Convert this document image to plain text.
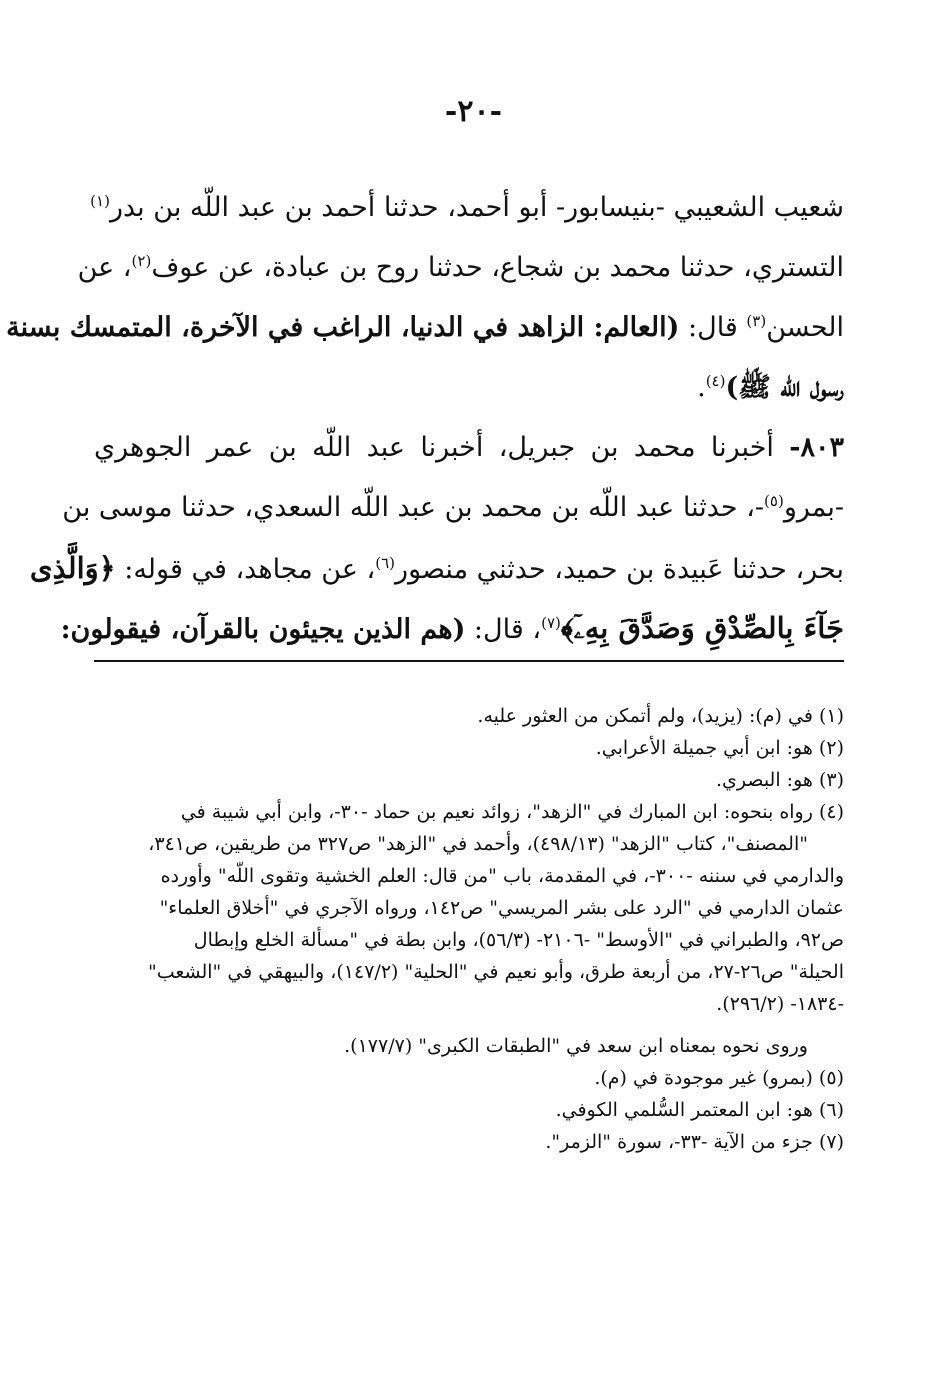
-٢٠-
شعيب الشعيبي -بنيسابور- أبو أحمد، حدثنا أحمد بن عبد اللّه بن بدر$^{(١)}$
التستري، حدثنا محمد بن شجاع، حدثنا روح بن عبادة، عن عوف$^{(٢)}$، عن
الحسن$^{(٣)}$ قال: (العالم: الزاهد في الدنيا، الراغب في الآخرة، المتمسك بسنة
رسول اللّه ﷺ)$^{(٤)}$.
٨٠٣- أخبرنا محمد بن جبريل، أخبرنا عبد اللّه بن عمر الجوهري
-بمرو$^{(٥)}$-، حدثنا عبد اللّه بن محمد بن عبد اللّه السعدي، حدثنا موسى بن
بحر، حدثنا عَبيدة بن حميد، حدثني منصور$^{(٦)}$، عن مجاهد، في قوله: ﴿وَالَّذِى
جَآءَ بِالصِّدْقِ وَصَدَّقَ بِهِۦٓ﴾$^{(٧)}$، قال: (هم الذين يجيئون بالقرآن، فيقولون:
(١) في (م): (يزيد)، ولم أتمكن من العثور عليه.
(٢) هو: ابن أبي جميلة الأعرابي.
(٣) هو: البصري.
(٤) رواه بنحوه: ابن المبارك في "الزهد"، زوائد نعيم بن حماد -٣٠-، وابن أبي شيبة في
"المصنف"، كتاب "الزهد" (٤٩٨/١٣)، وأحمد في "الزهد" ص٣٢٧ من طريقين، ص٣٤١،
والدارمي في سننه -٣٠٠-، في المقدمة، باب "من قال: العلم الخشية وتقوى اللّه" وأورده
عثمان الدارمي في "الرد على بشر المريسي" ص١٤٢، ورواه الآجري في "أخلاق العلماء"
ص٩٢، والطبراني في "الأوسط" -٢١٠٦- (٥٦/٣)، وابن بطة في "مسألة الخلع وإبطال
الحيلة" ص٢٦-٢٧، من أربعة طرق، وأبو نعيم في "الحلية" (١٤٧/٢)، والبيهقي في "الشعب"
-١٨٣٤- (٢٩٦/٢).
وروى نحوه بمعناه ابن سعد في "الطبقات الكبرى" (١٧٧/٧).
(٥) (بمرو) غير موجودة في (م).
(٦) هو: ابن المعتمر السُّلمي الكوفي.
(٧) جزء من الآية -٣٣-، سورة "الزمر".
